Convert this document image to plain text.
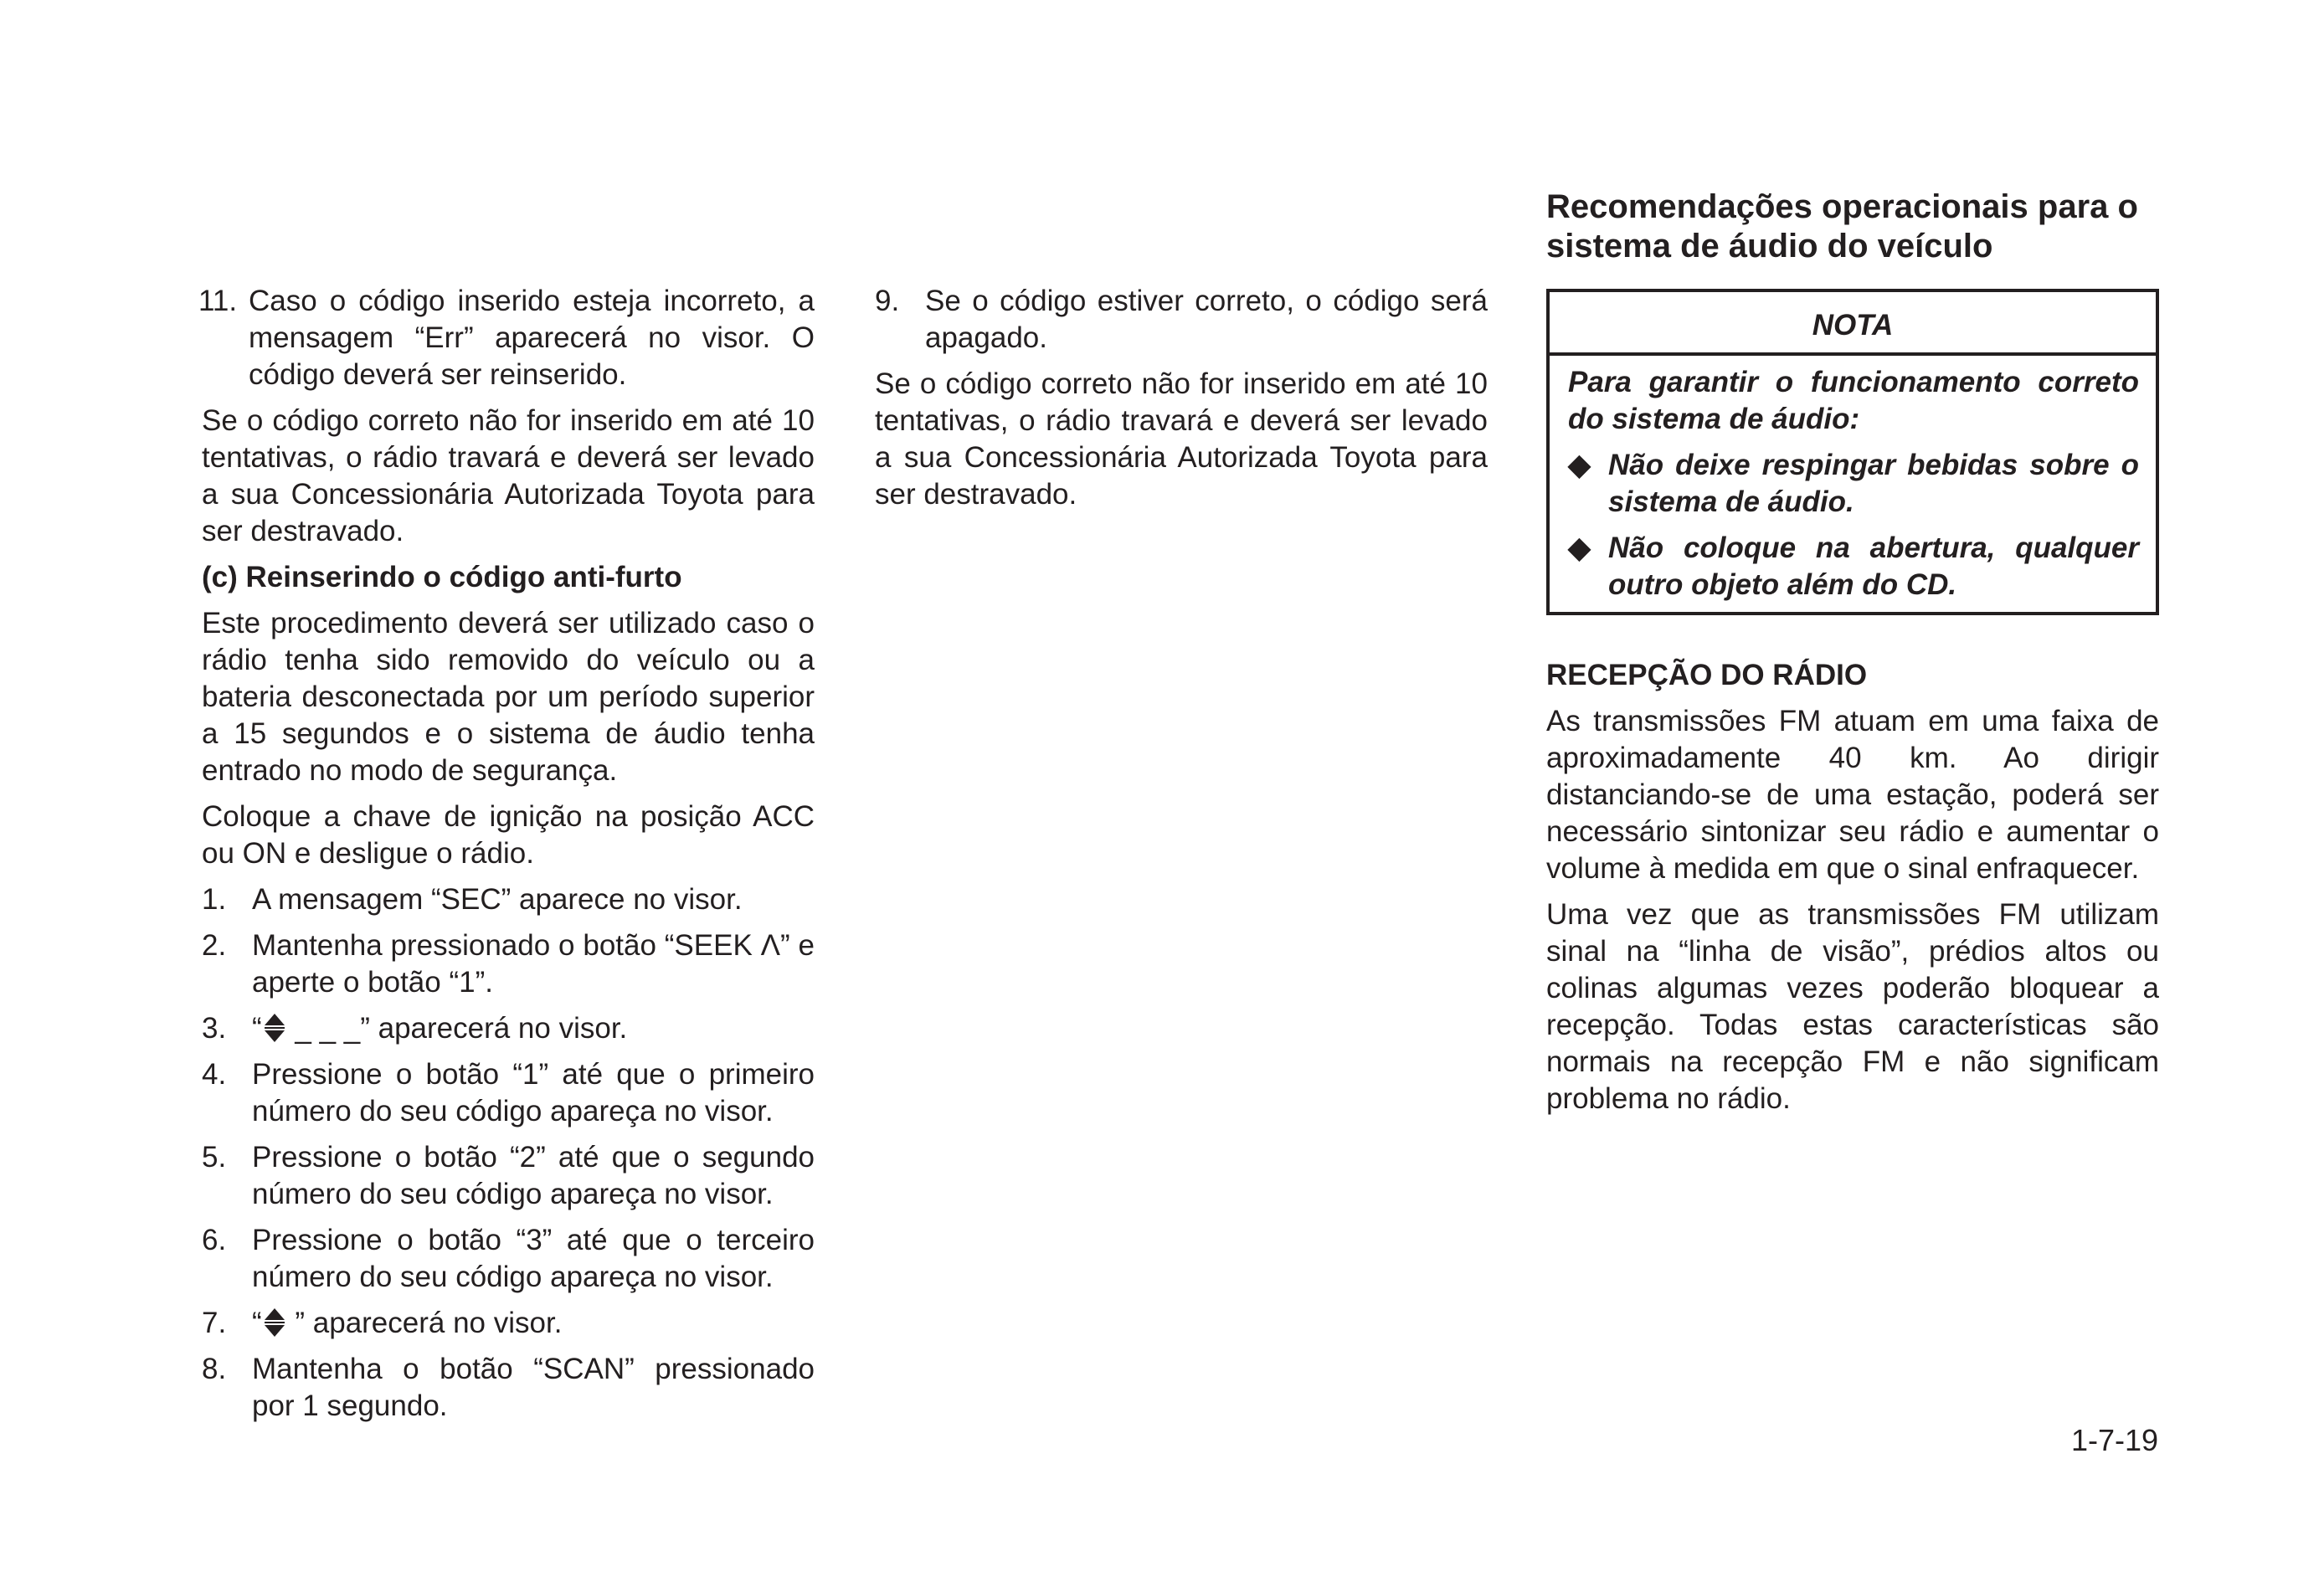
11. Caso o código inserido esteja incorreto, a mensagem “Err” aparecerá no visor. O código deverá ser reinserido.

Se o código correto não for inserido em até 10 tentativas, o rádio travará e deverá ser levado a sua Concessionária Autorizada Toyota para ser destravado.

(c) Reinserindo o código anti-furto

Este procedimento deverá ser utilizado caso o rádio tenha sido removido do veículo ou a bateria desconectada por um período superior a 15 segundos e o sistema de áudio tenha entrado no modo de segurança.

Coloque a chave de ignição na posição ACC ou ON e desligue o rádio.

1. A mensagem “SEC” aparece no visor.
2. Mantenha pressionado o botão “SEEK Λ” e aperte o botão “1”.
3. “ _ _ _” aparecerá no visor.
4. Pressione o botão “1” até que o primeiro número do seu código apareça no visor.
5. Pressione o botão “2” até que o segundo número do seu código apareça no visor.
6. Pressione o botão “3” até que o terceiro número do seu código apareça no visor.
7. “ ” aparecerá no visor.
8. Mantenha o botão “SCAN” pressionado por 1 segundo.
9. Se o código estiver correto, o código será apagado.

Se o código correto não for inserido em até 10 tentativas, o rádio travará e deverá ser levado a sua Concessionária Autorizada Toyota para ser destravado.

Recomendações operacionais para o sistema de áudio do veículo
NOTA
Para garantir o funcionamento correto do sistema de áudio:
◆ Não deixe respingar bebidas sobre o sistema de áudio.
◆ Não coloque na abertura, qualquer outro objeto além do CD.
RECEPÇÃO DO RÁDIO

As transmissões FM atuam em uma faixa de aproximadamente 40 km. Ao dirigir distanciando-se de uma estação, poderá ser necessário sintonizar seu rádio e aumentar o volume à medida em que o sinal enfraquecer.

Uma vez que as transmissões FM utilizam sinal na “linha de visão”, prédios altos ou colinas algumas vezes poderão bloquear a recepção. Todas estas características são normais na recepção FM e não significam problema no rádio.

1-7-19
